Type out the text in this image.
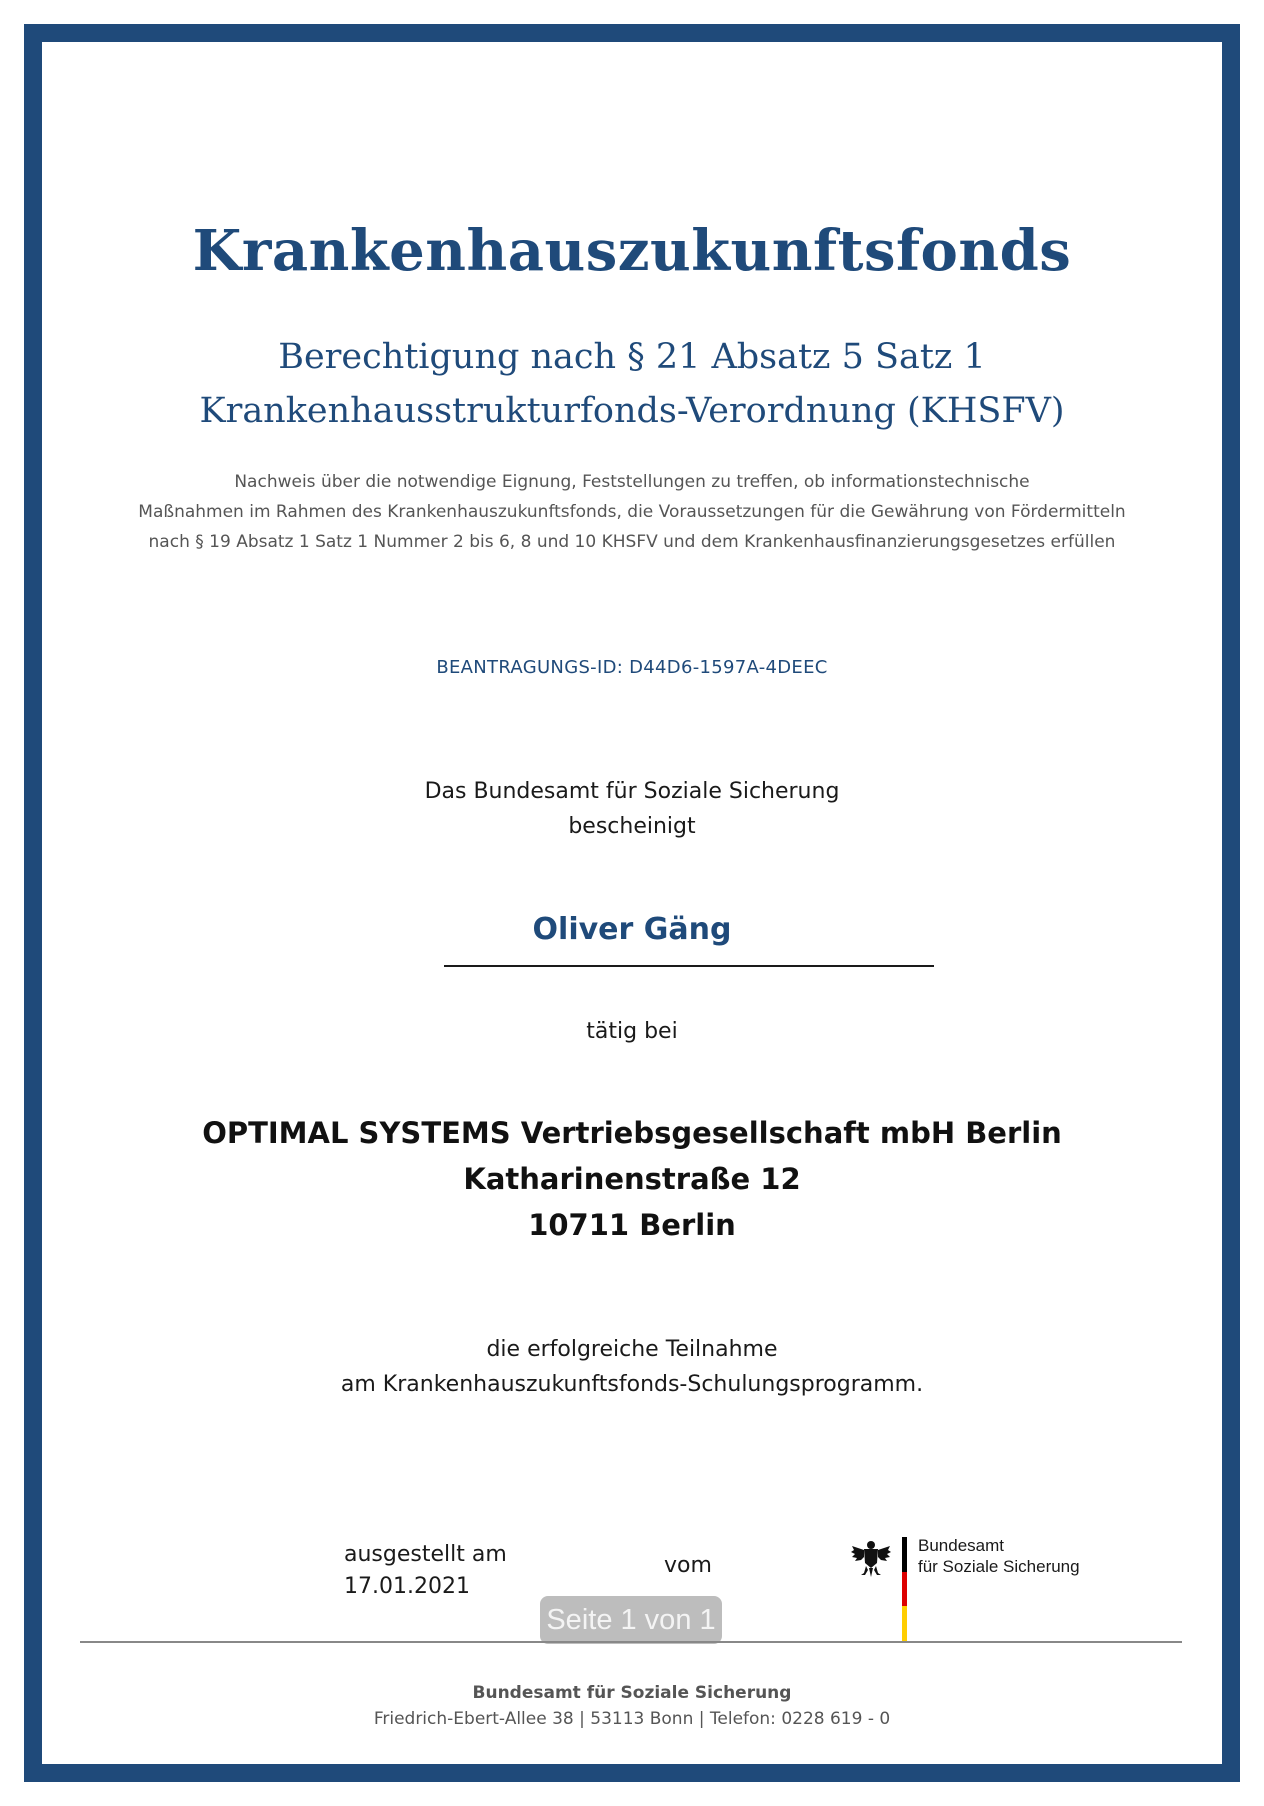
Krankenhauszukunftsfonds
Berechtigung nach § 21 Absatz 5 Satz 1
Krankenhausstrukturfonds-Verordnung (KHSFV)
Nachweis über die notwendige Eignung, Feststellungen zu treffen, ob informationstechnische
Maßnahmen im Rahmen des Krankenhauszukunftsfonds, die Voraussetzungen für die Gewährung von Fördermitteln
nach § 19 Absatz 1 Satz 1 Nummer 2 bis 6, 8 und 10 KHSFV und dem Krankenhausfinanzierungsgesetzes erfüllen
BEANTRAGUNGS-ID: D44D6-1597A-4DEEC
Das Bundesamt für Soziale Sicherung
bescheinigt
Oliver Gäng
tätig bei
OPTIMAL SYSTEMS Vertriebsgesellschaft mbH Berlin
Katharinenstraße 12
10711 Berlin
die erfolgreiche Teilnahme
am Krankenhauszukunftsfonds-Schulungsprogramm.
ausgestellt am
17.01.2021
vom
Bundesamt
für Soziale Sicherung
Seite 1 von 1
Bundesamt für Soziale Sicherung
Friedrich-Ebert-Allee 38 | 53113 Bonn | Telefon: 0228 619 - 0
